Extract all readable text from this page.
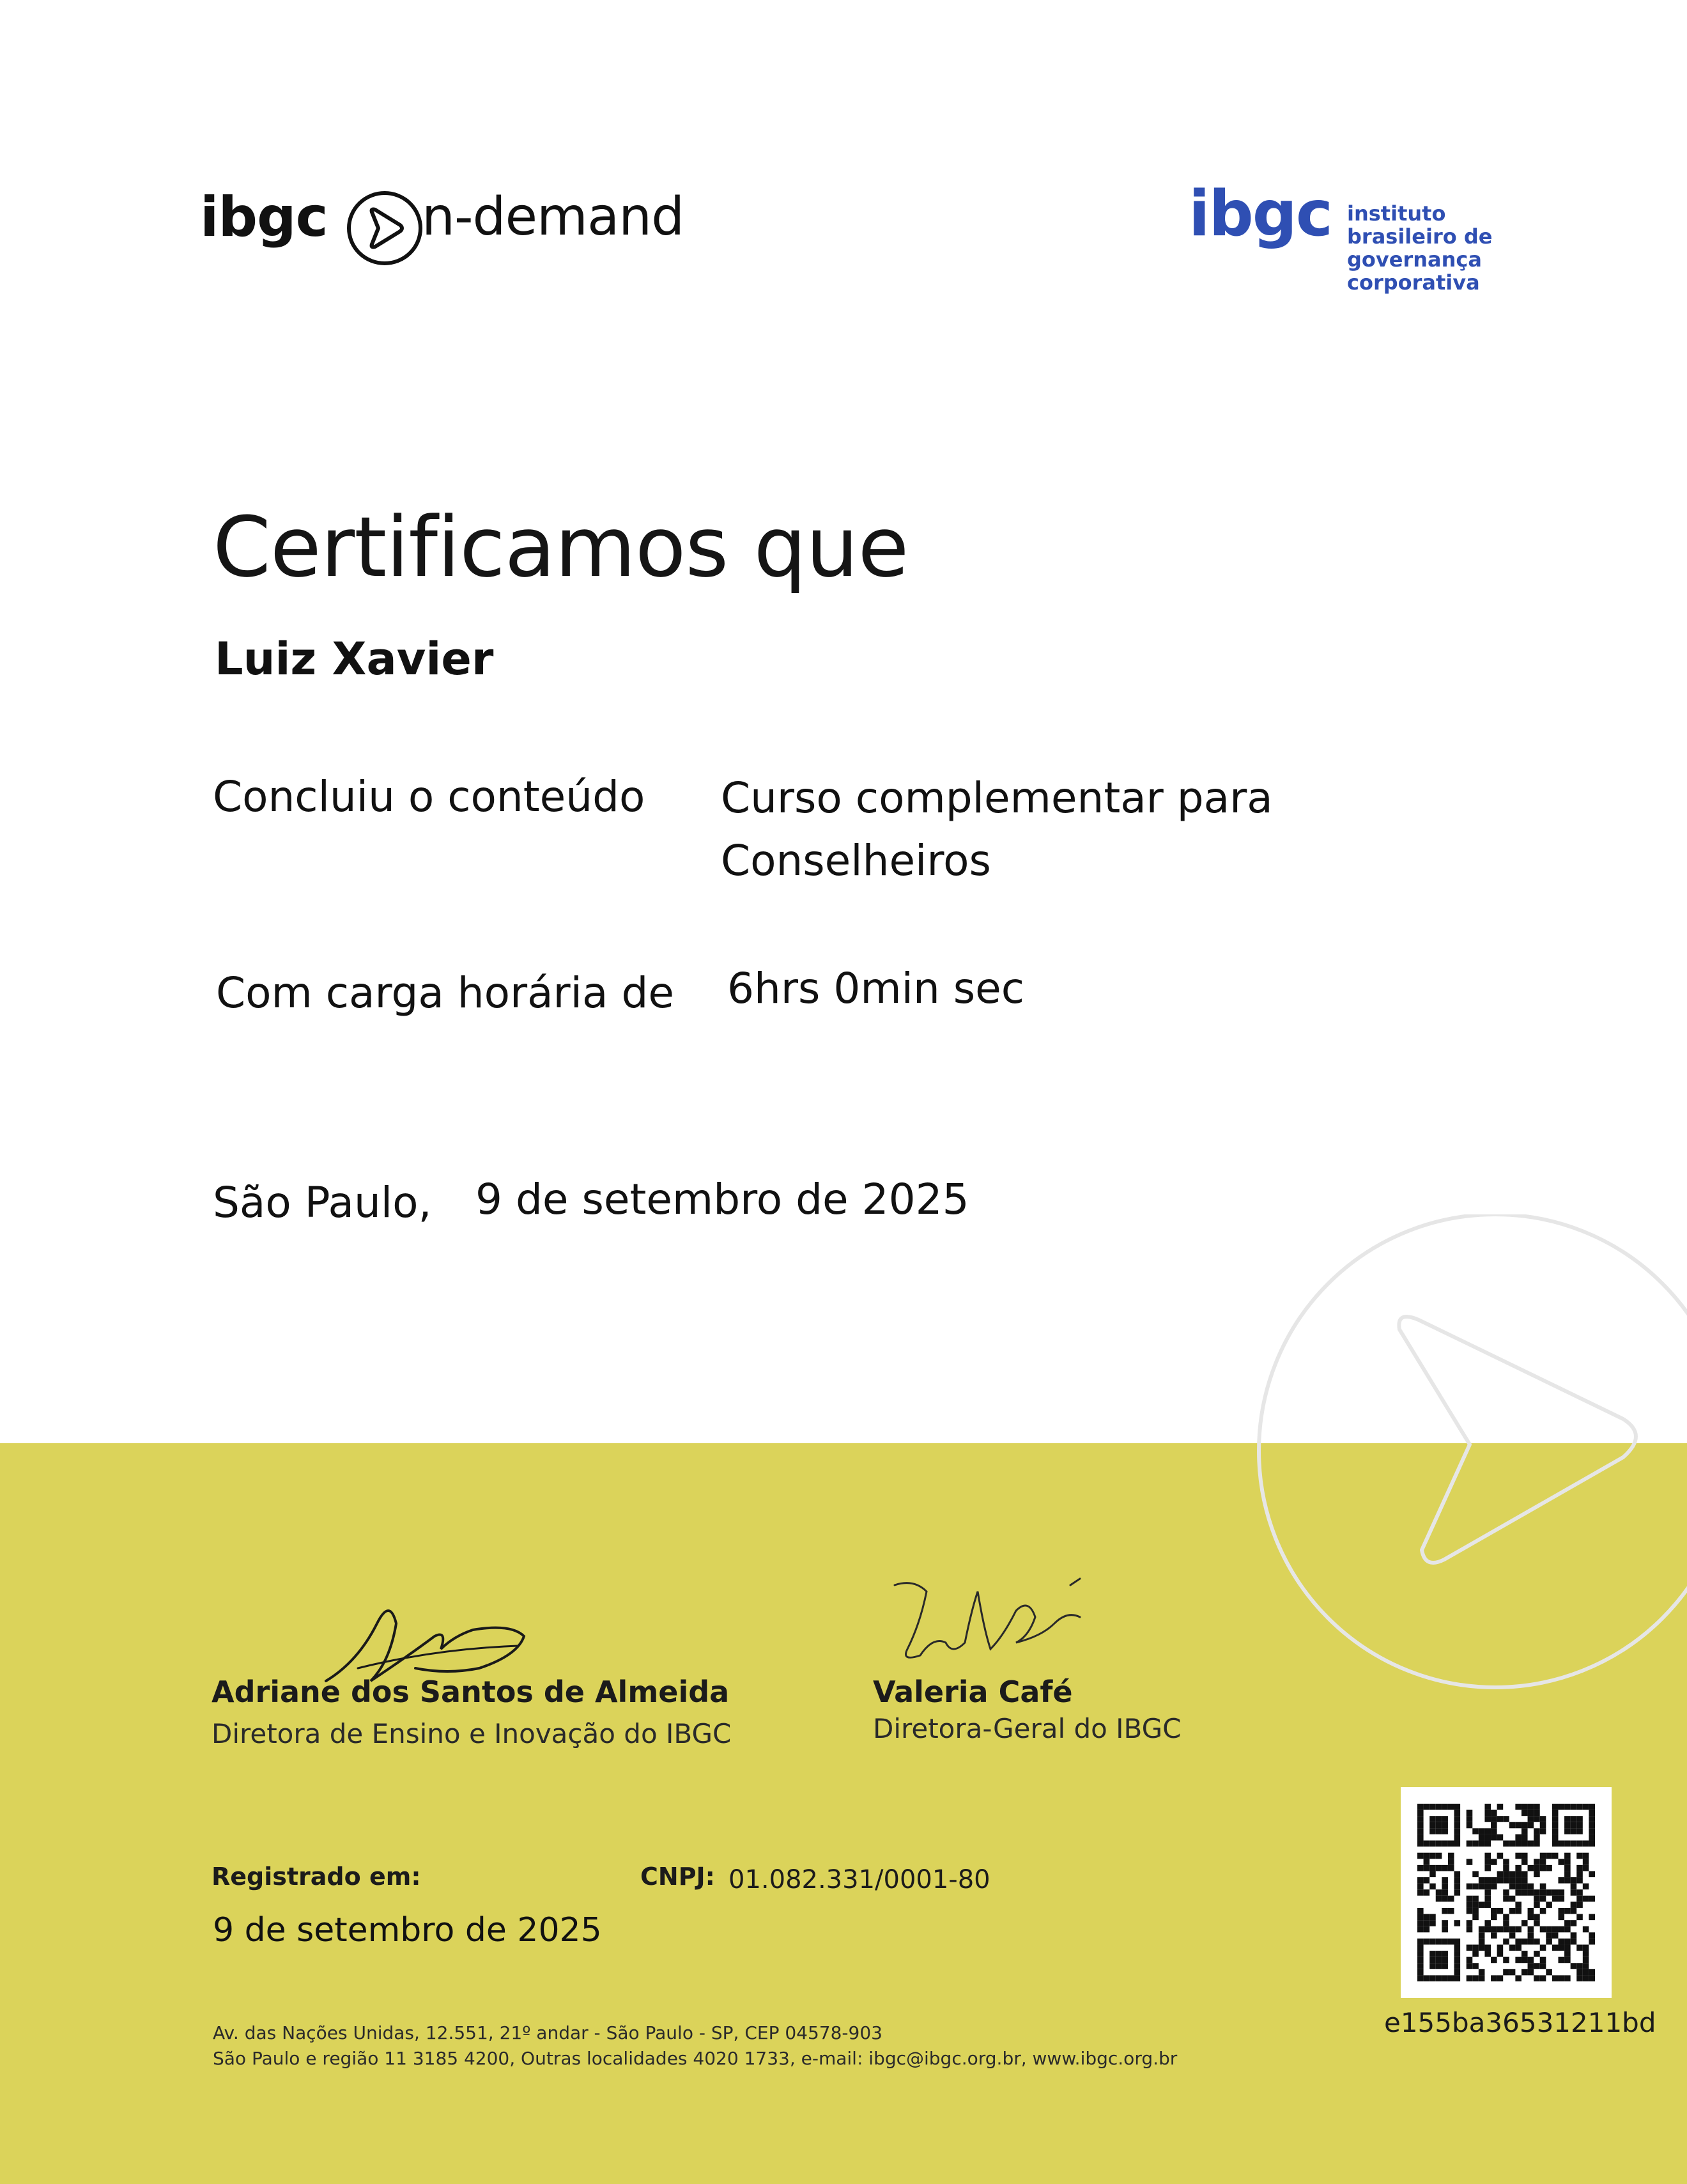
ibgc n-demand	ibgc instituto
brasileiro de
governança
corporativa
Certificamos que
Luiz Xavier
Concluiu o conteúdo Curso complementar para
Conselheiros
Com carga horária de 6hrs 0min sec
São Paulo, 9 de setembro de 2025
Adriane dos Santos de Almeida
Diretora de Ensino e Inovação do IBGC
Valeria Café
Diretora-Geral do IBGC
Registrado em:
9 de setembro de 2025
CNPJ: 01.082.331/0001-80
Av. das Nações Unidas, 12.551, 21º andar - São Paulo - SP, CEP 04578-903
São Paulo e região 11 3185 4200, Outras localidades 4020 1733, e-mail: ibgc@ibgc.org.br, www.ibgc.org.br
e155ba36531211bd
